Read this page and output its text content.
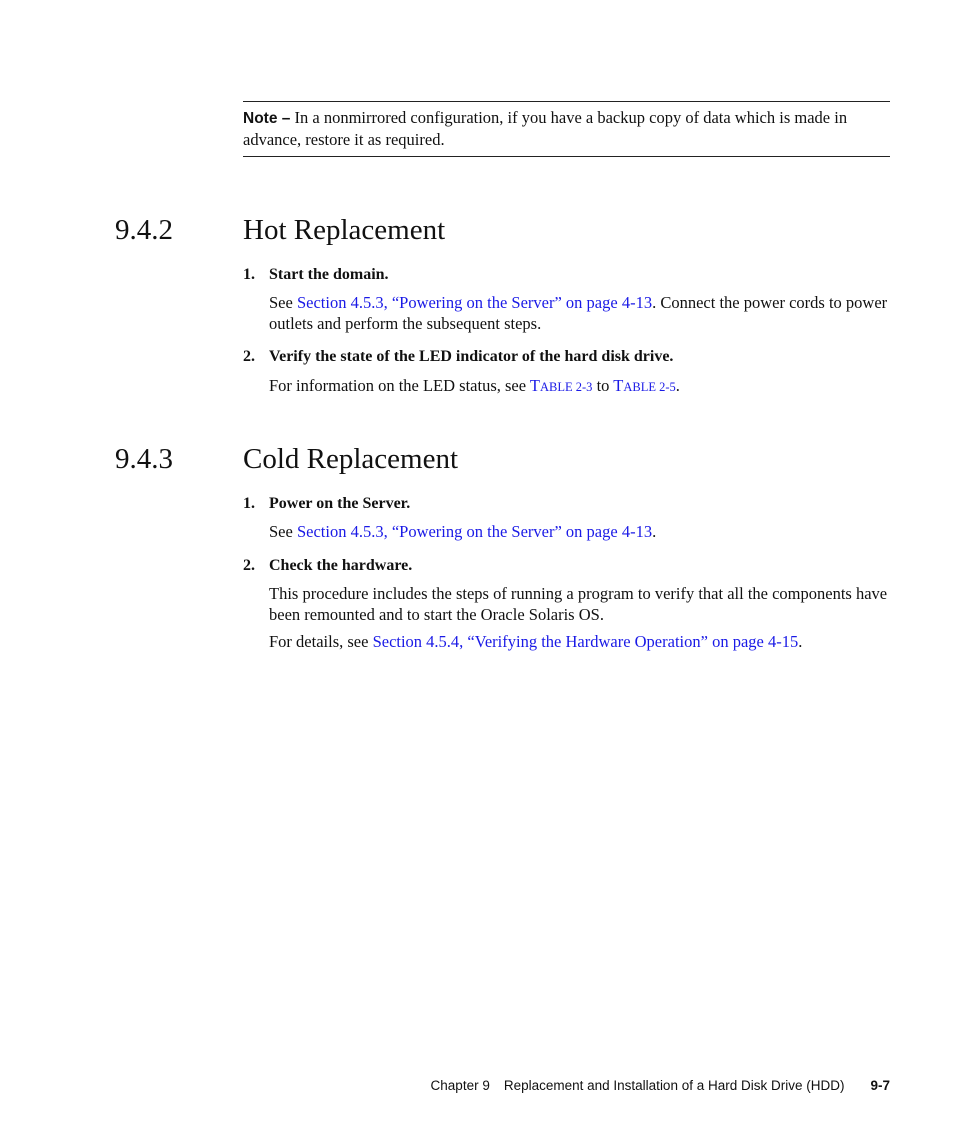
Note – In a nonmirrored configuration, if you have a backup copy of data which is made in advance, restore it as required.
9.4.2 Hot Replacement
1. Start the domain.
See Section 4.5.3, “Powering on the Server” on page 4-13. Connect the power cords to power outlets and perform the subsequent steps.
2. Verify the state of the LED indicator of the hard disk drive.
For information on the LED status, see TABLE 2-3 to TABLE 2-5.
9.4.3 Cold Replacement
1. Power on the Server.
See Section 4.5.3, “Powering on the Server” on page 4-13.
2. Check the hardware.
This procedure includes the steps of running a program to verify that all the components have been remounted and to start the Oracle Solaris OS.
For details, see Section 4.5.4, “Verifying the Hardware Operation” on page 4-15.
Chapter 9 Replacement and Installation of a Hard Disk Drive (HDD) 9-7
